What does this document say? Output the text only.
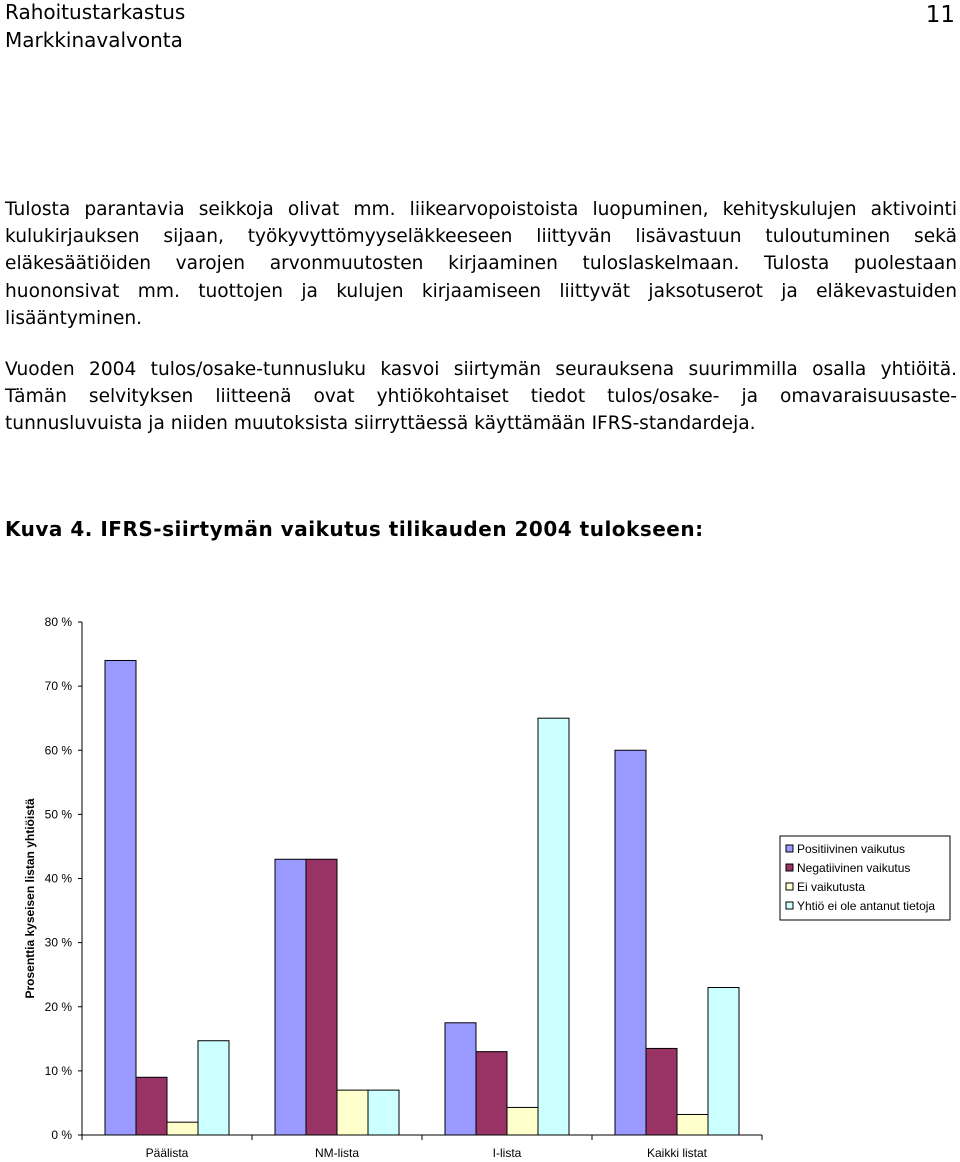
Rahoitustarkastus
Markkinavalvonta
11

Tulosta parantavia seikkoja olivat mm. liikearvopoistoista luopuminen, kehityskulujen aktivointi kulukirjauksen sijaan, työkyvyttömyyseläkkeeseen liittyvän lisävastuun tuloutuminen sekä eläkesäätiöiden varojen arvonmuutosten kirjaaminen tuloslaskelmaan. Tulosta puolestaan huononsivat mm. tuottojen ja kulujen kirjaamiseen liittyvät jaksotuserot ja eläkevastuiden lisääntyminen.

Vuoden 2004 tulos/osake-tunnusluku kasvoi siirtymän seurauksena suurimmilla osalla yhtiöitä. Tämän selvityksen liitteenä ovat yhtiökohtaiset tiedot tulos/osake- ja omavaraisuusaste-tunnusluvuista ja niiden muutoksista siirryttäessä käyttämään IFRS-standardeja.

Kuva 4. IFRS-siirtymän vaikutus tilikauden 2004 tulokseen:

0 %
10 %
20 %
30 %
40 %
50 %
60 %
70 %
80 %
Prosenttia kyseisen listan yhtiöistä
Päälista	NM-lista	I-lista	Kaikki listat
Positiivinen vaikutus
Negatiivinen vaikutus
Ei vaikutusta
Yhtiö ei ole antanut tietoja
